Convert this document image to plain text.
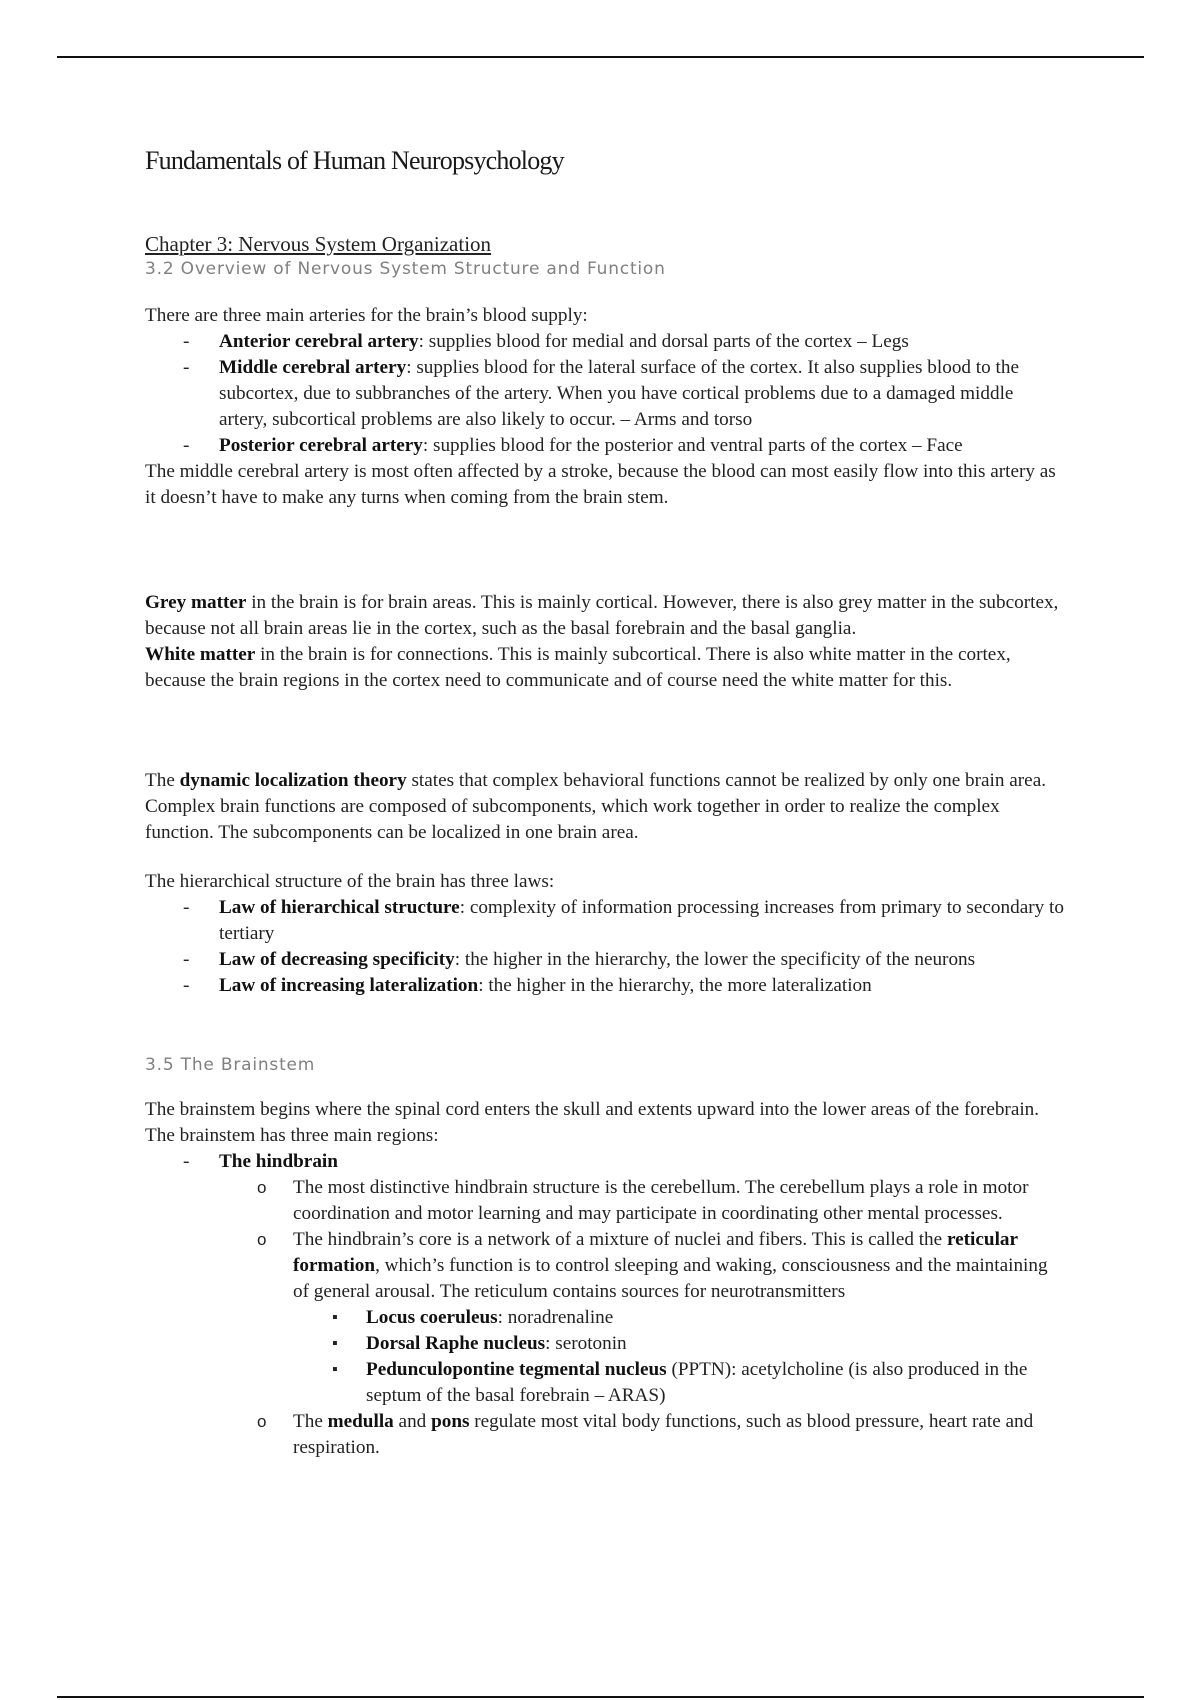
Fundamentals of Human Neuropsychology
Chapter 3: Nervous System Organization
3.2 Overview of Nervous System Structure and Function

There are three main arteries for the brain’s blood supply:

- Anterior cerebral artery: supplies blood for medial and dorsal parts of the cortex – Legs
- Middle cerebral artery: supplies blood for the lateral surface of the cortex. It also supplies blood to the subcortex, due to subbranches of the artery. When you have cortical problems due to a damaged middle artery, subcortical problems are also likely to occur. – Arms and torso
- Posterior cerebral artery: supplies blood for the posterior and ventral parts of the cortex – Face

The middle cerebral artery is most often affected by a stroke, because the blood can most easily flow into this artery as it doesn’t have to make any turns when coming from the brain stem.

Grey matter in the brain is for brain areas. This is mainly cortical. However, there is also grey matter in the subcortex, because not all brain areas lie in the cortex, such as the basal forebrain and the basal ganglia.

White matter in the brain is for connections. This is mainly subcortical. There is also white matter in the cortex, because the brain regions in the cortex need to communicate and of course need the white matter for this.

The dynamic localization theory states that complex behavioral functions cannot be realized by only one brain area. Complex brain functions are composed of subcomponents, which work together in order to realize the complex function. The subcomponents can be localized in one brain area.

The hierarchical structure of the brain has three laws:

- Law of hierarchical structure: complexity of information processing increases from primary to secondary to tertiary
- Law of decreasing specificity: the higher in the hierarchy, the lower the specificity of the neurons
- Law of increasing lateralization: the higher in the hierarchy, the more lateralization
3.5 The Brainstem

The brainstem begins where the spinal cord enters the skull and extents upward into the lower areas of the forebrain. The brainstem has three main regions:

- The hindbrain
o The most distinctive hindbrain structure is the cerebellum. The cerebellum plays a role in motor coordination and motor learning and may participate in coordinating other mental processes.
o The hindbrain’s core is a network of a mixture of nuclei and fibers. This is called the reticular formation, which’s function is to control sleeping and waking, consciousness and the maintaining of general arousal. The reticulum contains sources for neurotransmitters
▪ Locus coeruleus: noradrenaline
▪ Dorsal Raphe nucleus: serotonin
▪ Pedunculopontine tegmental nucleus (PPTN): acetylcholine (is also produced in the septum of the basal forebrain – ARAS)
o The medulla and pons regulate most vital body functions, such as blood pressure, heart rate and respiration.
